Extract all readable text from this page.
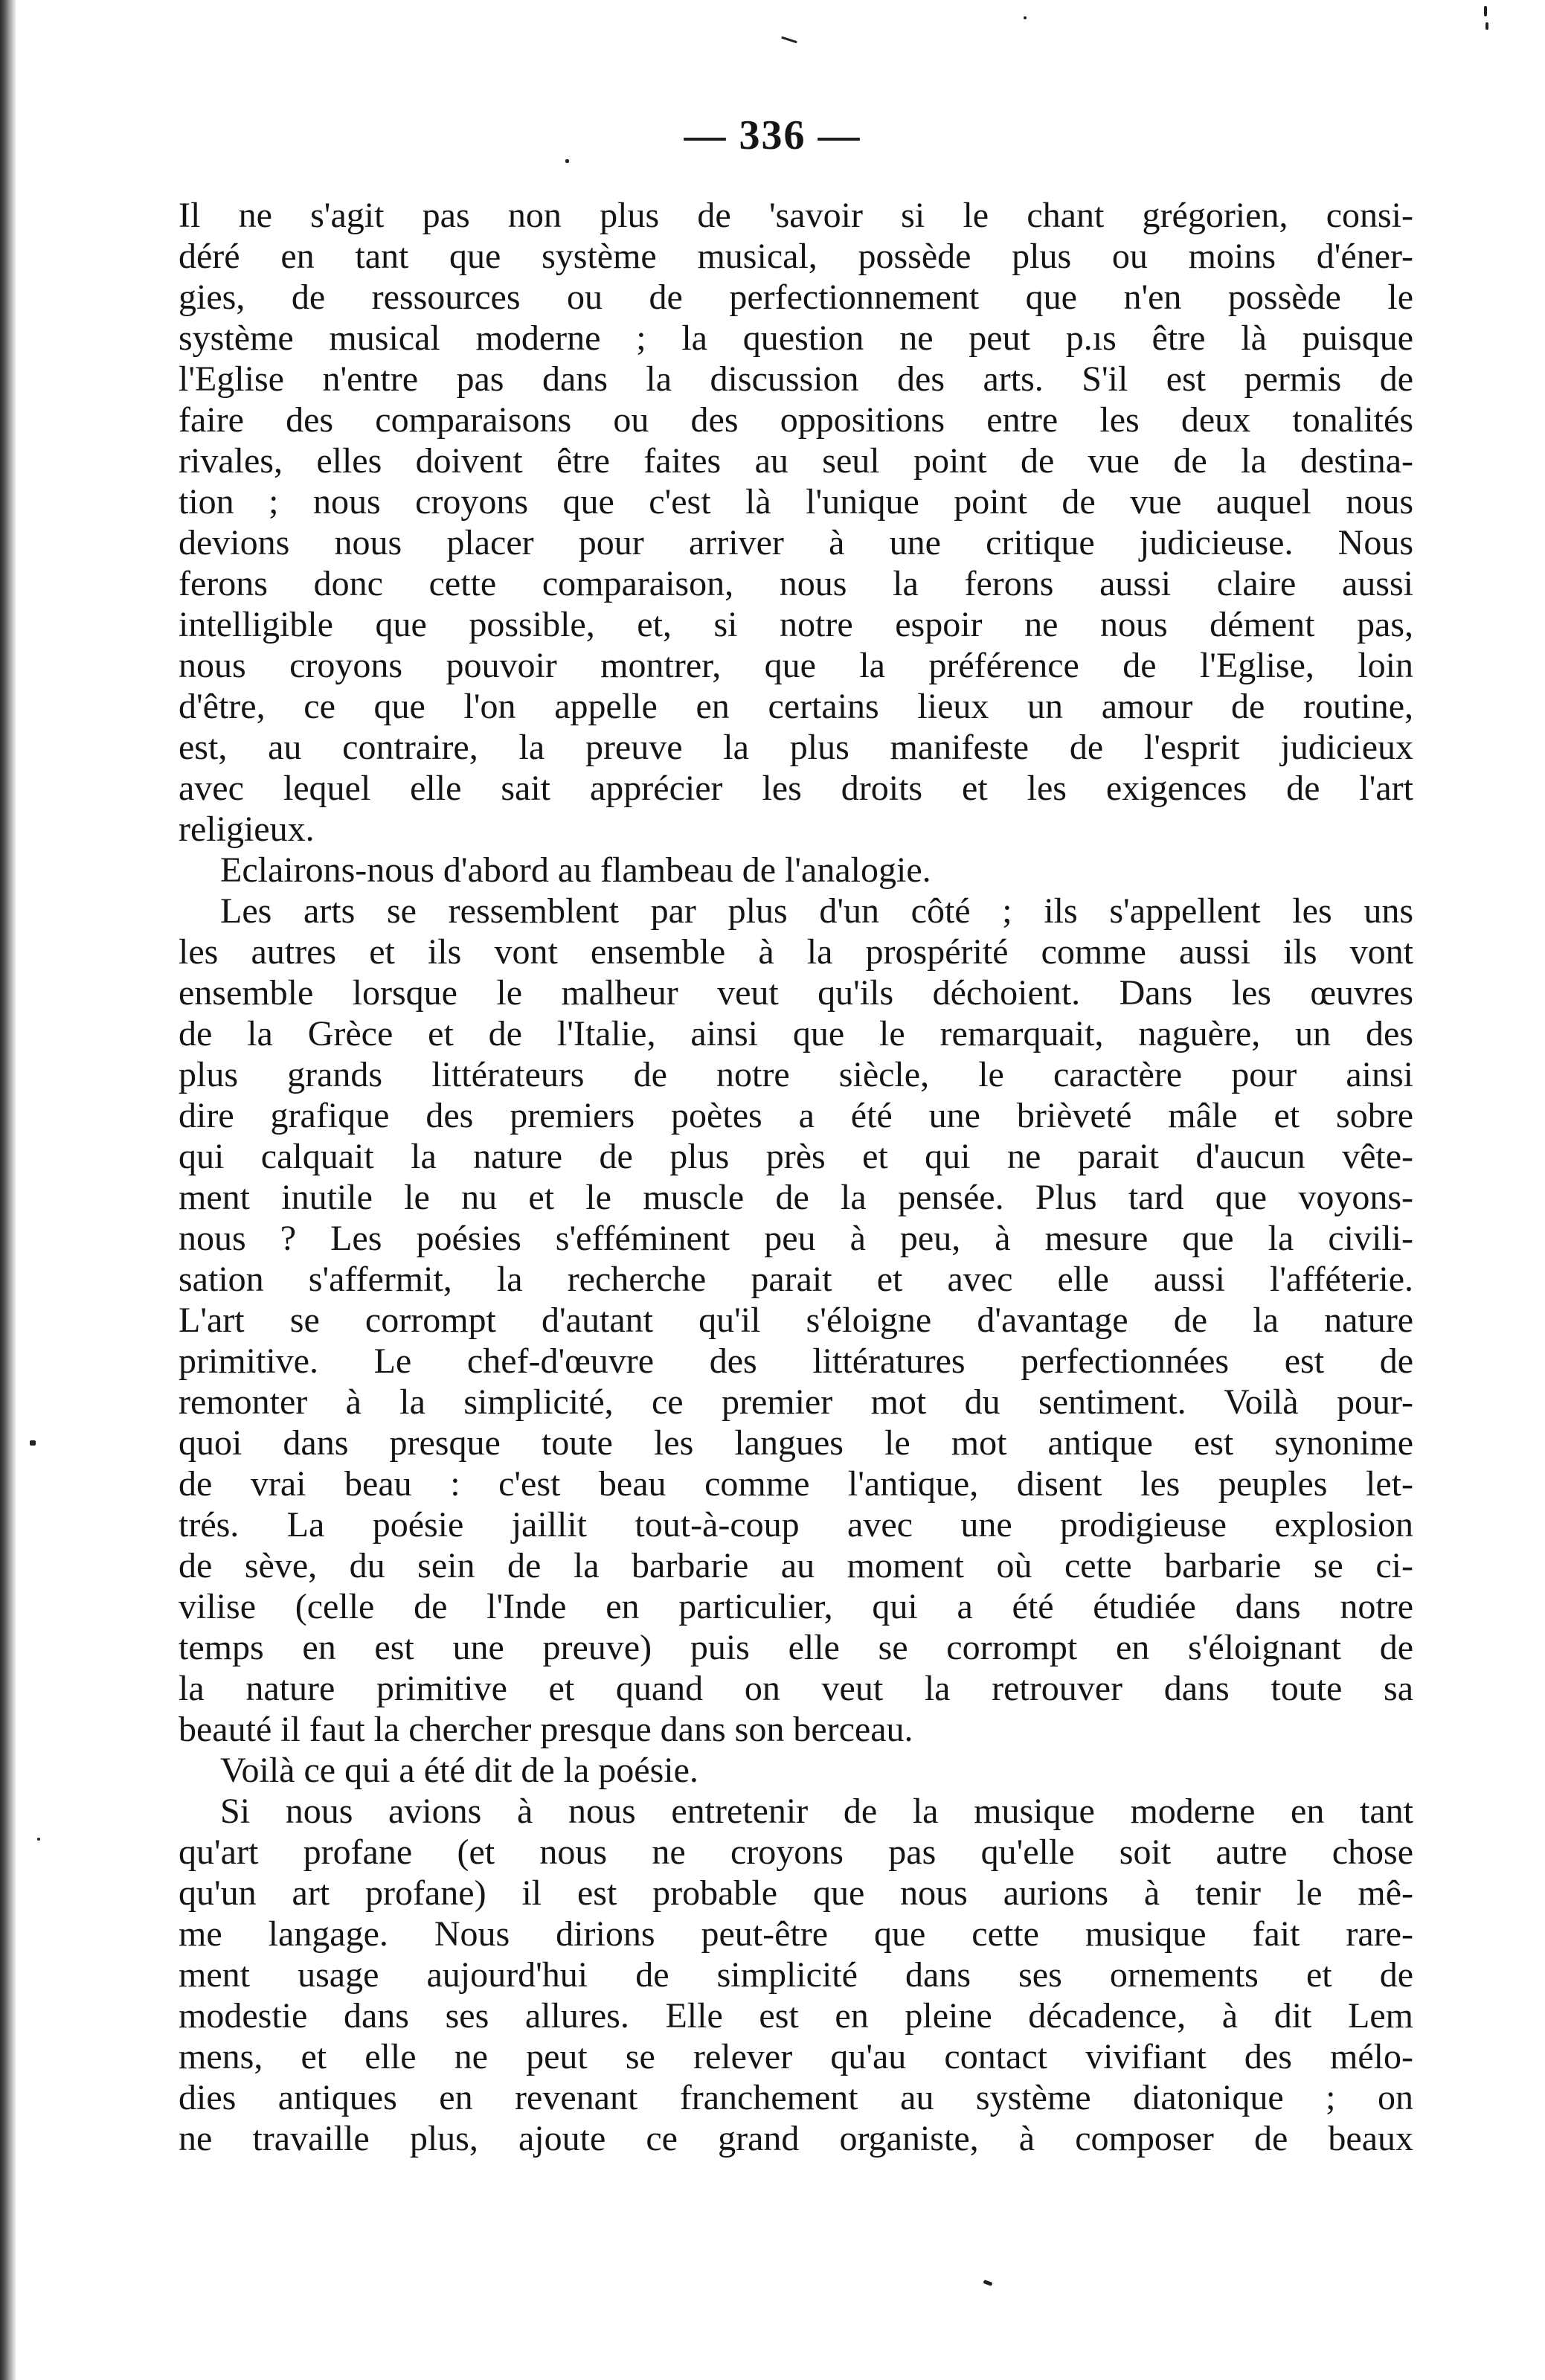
— 336 —
Il ne s'agit pas non plus de 'savoir si le chant grégorien, consi-
déré en tant que système musical, possède plus ou moins d'éner-
gies, de ressources ou de perfectionnement que n'en possède le
système musical moderne ; la question ne peut p.ıs être là puisque
l'Eglise n'entre pas dans la discussion des arts. S'il est permis de
faire des comparaisons ou des oppositions entre les deux tonalités
rivales, elles doivent être faites au seul point de vue de la destina-
tion ; nous croyons que c'est là l'unique point de vue auquel nous
devions nous placer pour arriver à une critique judicieuse. Nous
ferons donc cette comparaison, nous la ferons aussi claire aussi
intelligible que possible, et, si notre espoir ne nous dément pas,
nous croyons pouvoir montrer, que la préférence de l'Eglise, loin
d'être, ce que l'on appelle en certains lieux un amour de routine,
est, au contraire, la preuve la plus manifeste de l'esprit judicieux
avec lequel elle sait apprécier les droits et les exigences de l'art
religieux.
Eclairons-nous d'abord au flambeau de l'analogie.
Les arts se ressemblent par plus d'un côté ; ils s'appellent les uns
les autres et ils vont ensemble à la prospérité comme aussi ils vont
ensemble lorsque le malheur veut qu'ils déchoient. Dans les œuvres
de la Grèce et de l'Italie, ainsi que le remarquait, naguère, un des
plus grands littérateurs de notre siècle, le caractère pour ainsi
dire grafique des premiers poètes a été une brièveté mâle et sobre
qui calquait la nature de plus près et qui ne parait d'aucun vête-
ment inutile le nu et le muscle de la pensée. Plus tard que voyons-
nous ? Les poésies s'efféminent peu à peu, à mesure que la civili-
sation s'affermit, la recherche parait et avec elle aussi l'afféterie.
L'art se corrompt d'autant qu'il s'éloigne d'avantage de la nature
primitive. Le chef-d'œuvre des littératures perfectionnées est de
remonter à la simplicité, ce premier mot du sentiment. Voilà pour-
quoi dans presque toute les langues le mot antique est synonime
de vrai beau : c'est beau comme l'antique, disent les peuples let-
trés. La poésie jaillit tout-à-coup avec une prodigieuse explosion
de sève, du sein de la barbarie au moment où cette barbarie se ci-
vilise (celle de l'Inde en particulier, qui a été étudiée dans notre
temps en est une preuve) puis elle se corrompt en s'éloignant de
la nature primitive et quand on veut la retrouver dans toute sa
beauté il faut la chercher presque dans son berceau.
Voilà ce qui a été dit de la poésie.
Si nous avions à nous entretenir de la musique moderne en tant
qu'art profane (et nous ne croyons pas qu'elle soit autre chose
qu'un art profane) il est probable que nous aurions à tenir le mê-
me langage. Nous dirions peut-être que cette musique fait rare-
ment usage aujourd'hui de simplicité dans ses ornements et de
modestie dans ses allures. Elle est en pleine décadence, à dit Lem
mens, et elle ne peut se relever qu'au contact vivifiant des mélo-
dies antiques en revenant franchement au système diatonique ; on
ne travaille plus, ajoute ce grand organiste, à composer de beaux
